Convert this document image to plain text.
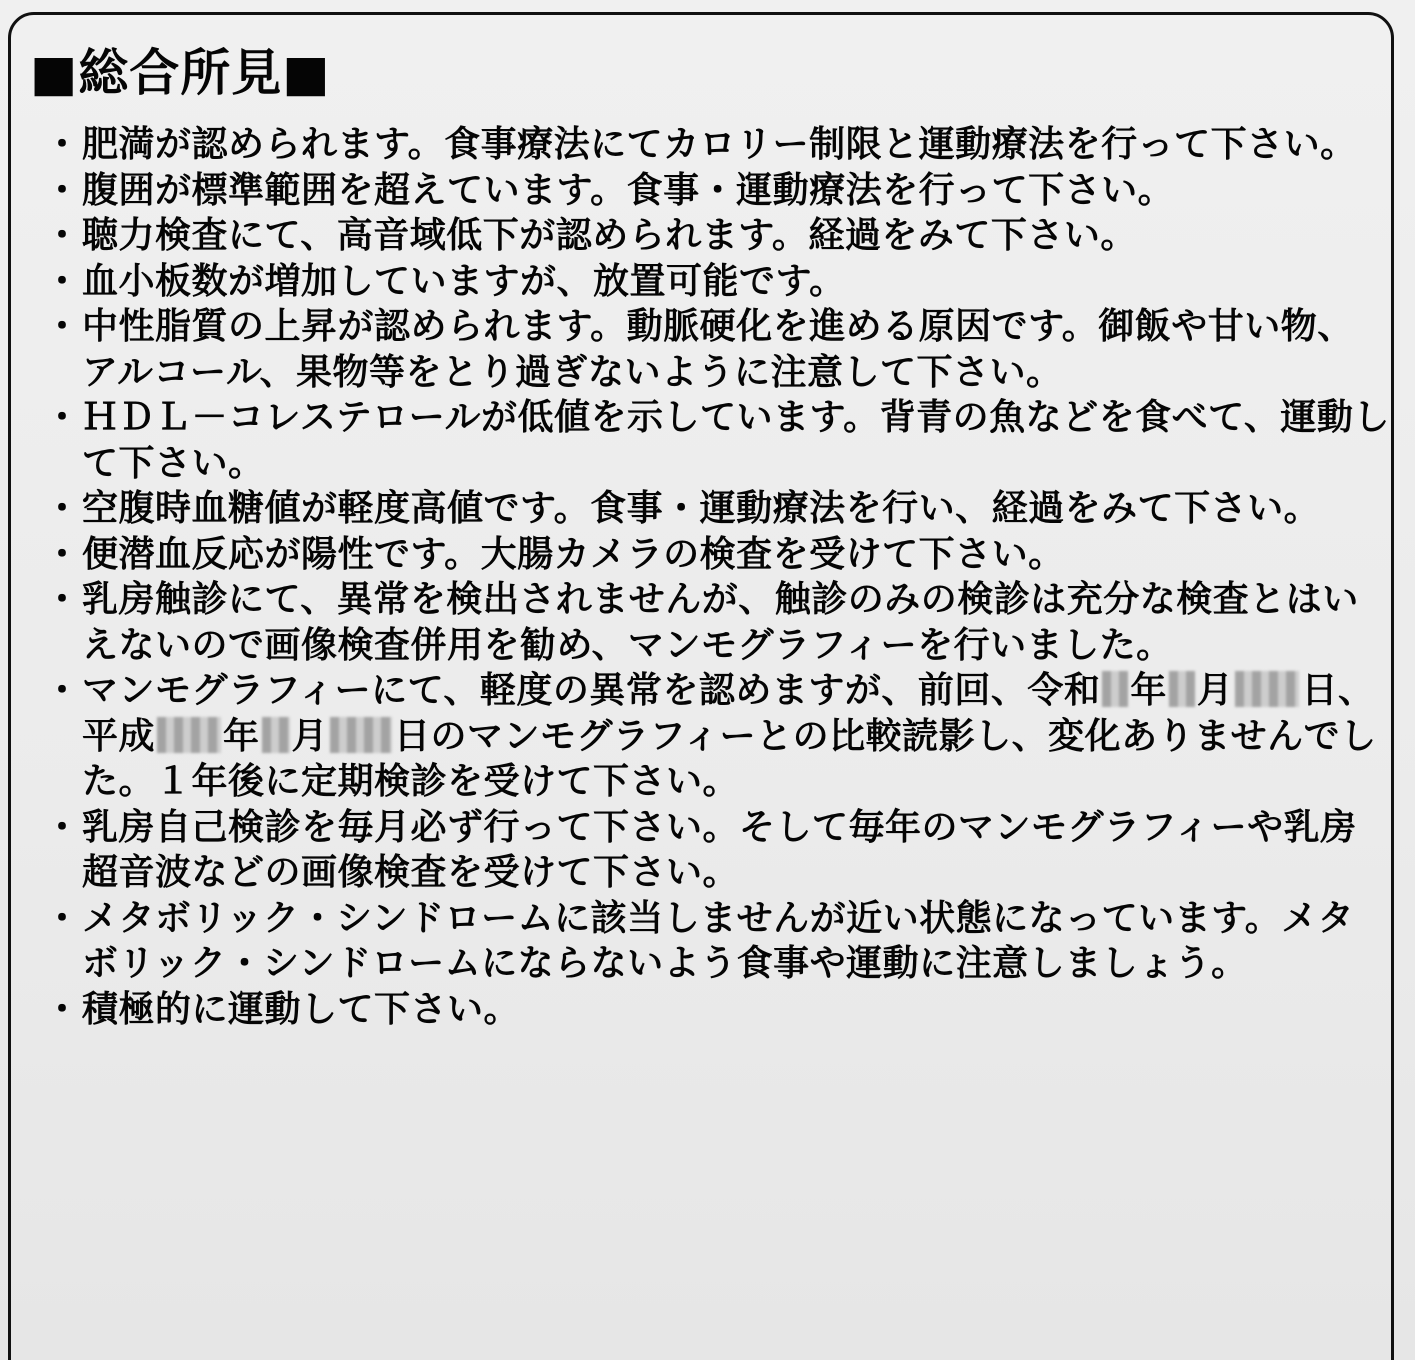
■総合所見■
・ 肥満が認められます。食事療法にてカロリー制限と運動療法を行って下さい。
・ 腹囲が標準範囲を超えています。食事・運動療法を行って下さい。
・ 聴力検査にて、高音域低下が認められます。経過をみて下さい。
・ 血小板数が増加していますが、放置可能です。
・ 中性脂質の上昇が認められます。動脈硬化を進める原因です。御飯や甘い物、アルコール、果物等をとり過ぎないように注意して下さい。
・ ＨＤＬ－コレステロールが低値を示しています。背青の魚などを食べて、運動して下さい。
・ 空腹時血糖値が軽度高値です。食事・運動療法を行い、経過をみて下さい。
・ 便潜血反応が陽性です。大腸カメラの検査を受けて下さい。
・ 乳房触診にて、異常を検出されませんが、触診のみの検診は充分な検査とはいえないので画像検査併用を勧め、マンモグラフィーを行いました。
・ マンモグラフィーにて、軽度の異常を認めますが、前回、令和 年 月 日、平成 年 月 日のマンモグラフィーとの比較読影し、変化ありませんでした。１年後に定期検診を受けて下さい。
・ 乳房自己検診を毎月必ず行って下さい。そして毎年のマンモグラフィーや乳房超音波などの画像検査を受けて下さい。
・ メタボリック・シンドロームに該当しませんが近い状態になっています。メタボリック・シンドロームにならないよう食事や運動に注意しましょう。
・ 積極的に運動して下さい。
